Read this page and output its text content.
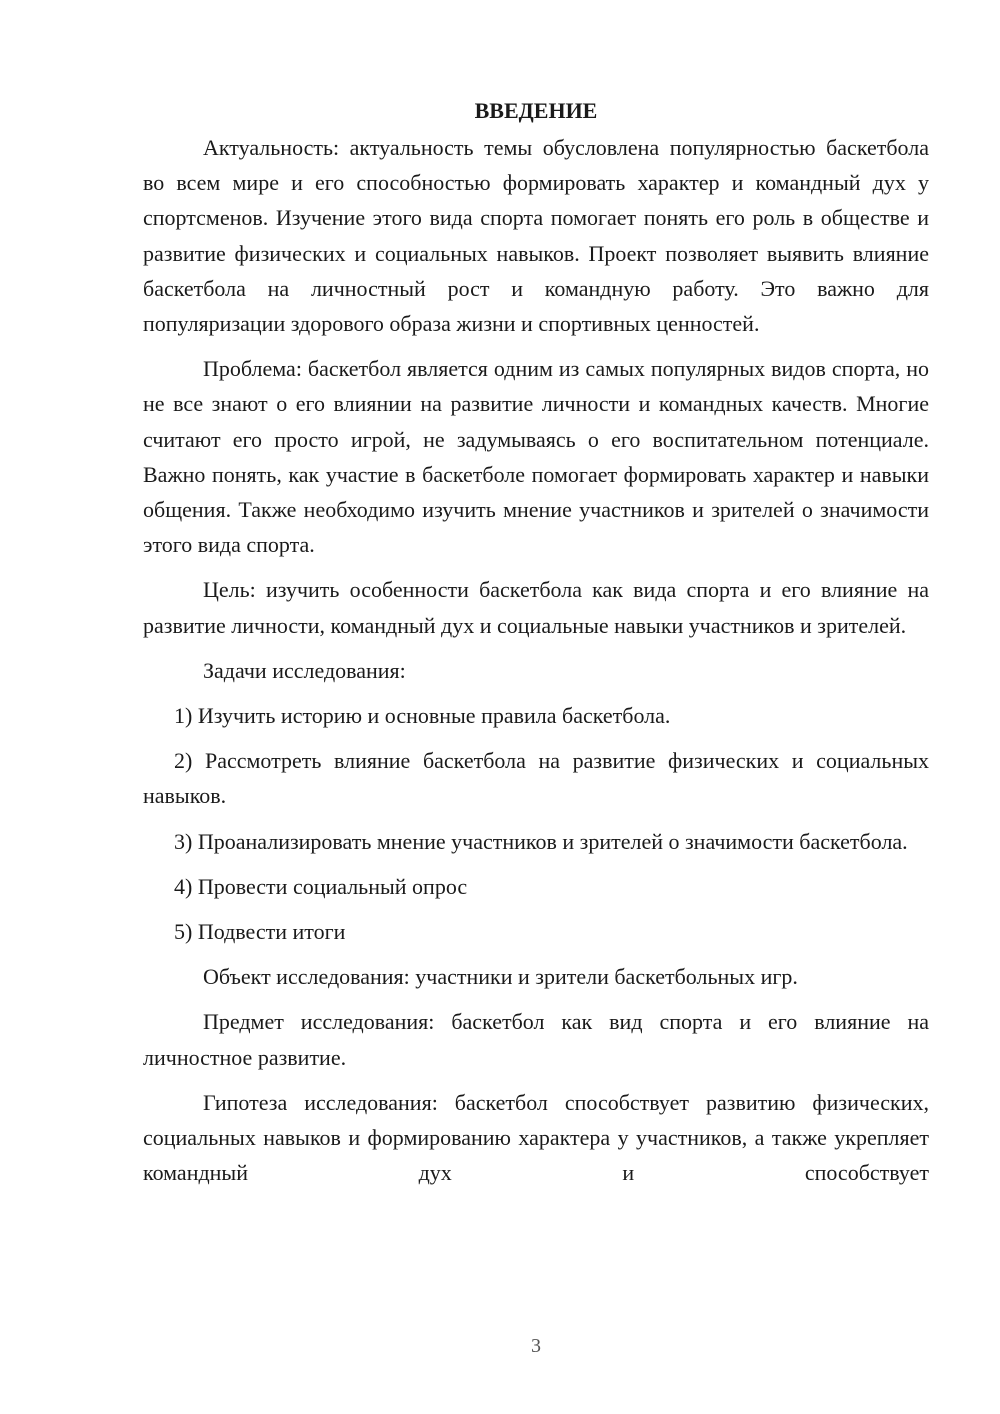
ВВЕДЕНИЕ

Актуальность: актуальность темы обусловлена популярностью баскетбола во всем мире и его способностью формировать характер и командный дух у спортсменов. Изучение этого вида спорта помогает понять его роль в обществе и развитие физических и социальных навыков. Проект позволяет выявить влияние баскетбола на личностный рост и командную работу. Это важно для популяризации здорового образа жизни и спортивных ценностей.

Проблема: баскетбол является одним из самых популярных видов спорта, но не все знают о его влиянии на развитие личности и командных качеств. Многие считают его просто игрой, не задумываясь о его воспитательном потенциале. Важно понять, как участие в баскетболе помогает формировать характер и навыки общения. Также необходимо изучить мнение участников и зрителей о значимости этого вида спорта.

Цель: изучить особенности баскетбола как вида спорта и его влияние на развитие личности, командный дух и социальные навыки участников и зрителей.

Задачи исследования:

1) Изучить историю и основные правила баскетбола.

2) Рассмотреть влияние баскетбола на развитие физических и социальных навыков.

3) Проанализировать мнение участников и зрителей о значимости баскетбола.

4) Провести социальный опрос

5) Подвести итоги

Объект исследования: участники и зрители баскетбольных игр.

Предмет исследования: баскетбол как вид спорта и его влияние на личностное развитие.

Гипотеза исследования: баскетбол способствует развитию физических, социальных навыков и формированию характера у участников, а также укрепляет командный дух и способствует

3
